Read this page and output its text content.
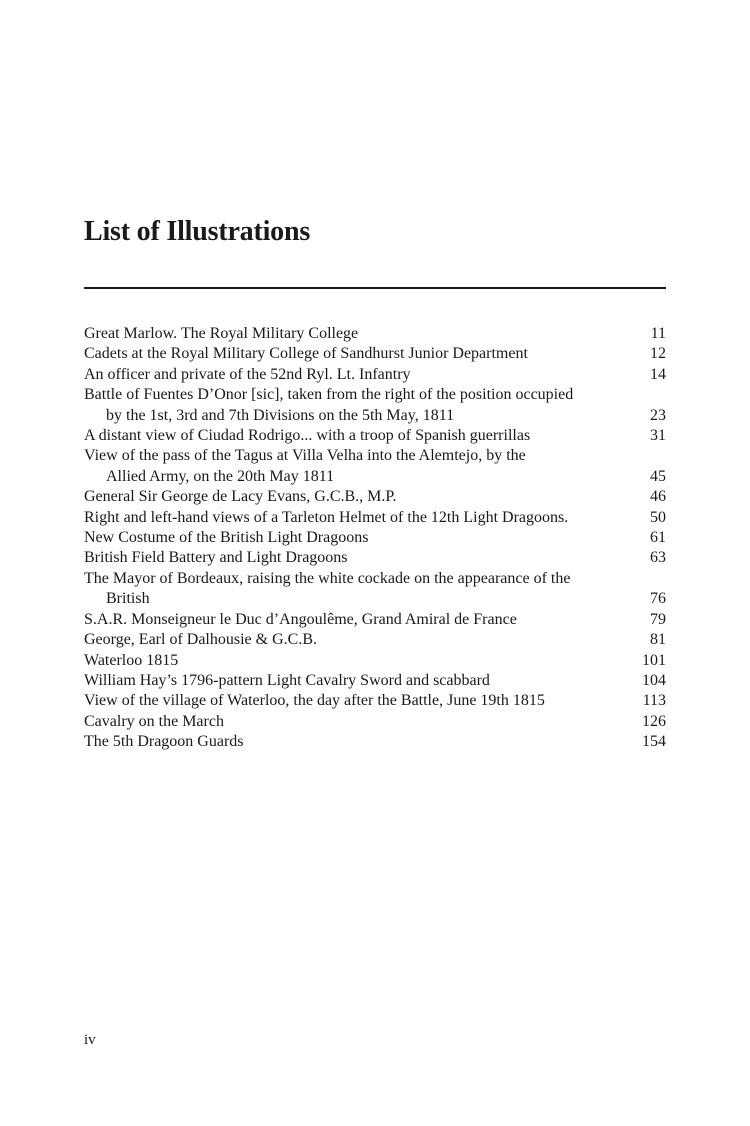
List of Illustrations
Great Marlow. The Royal Military College	11
Cadets at the Royal Military College of Sandhurst Junior Department	12
An officer and private of the 52nd Ryl. Lt. Infantry	14
Battle of Fuentes D’Onor [sic], taken from the right of the position occupied
by the 1st, 3rd and 7th Divisions on the 5th May, 1811	23
A distant view of Ciudad Rodrigo... with a troop of Spanish guerrillas	31
View of the pass of the Tagus at Villa Velha into the Alemtejo, by the
Allied Army, on the 20th May 1811	45
General Sir George de Lacy Evans, G.C.B., M.P.	46
Right and left-hand views of a Tarleton Helmet of the 12th Light Dragoons.	50
New Costume of the British Light Dragoons	61
British Field Battery and Light Dragoons	63
The Mayor of Bordeaux, raising the white cockade on the appearance of the
British	76
S.A.R. Monseigneur le Duc d’Angoulême, Grand Amiral de France	79
George, Earl of Dalhousie & G.C.B.	81
Waterloo 1815	101
William Hay’s 1796-pattern Light Cavalry Sword and scabbard	104
View of the village of Waterloo, the day after the Battle, June 19th 1815	113
Cavalry on the March	126
The 5th Dragoon Guards	154
iv
